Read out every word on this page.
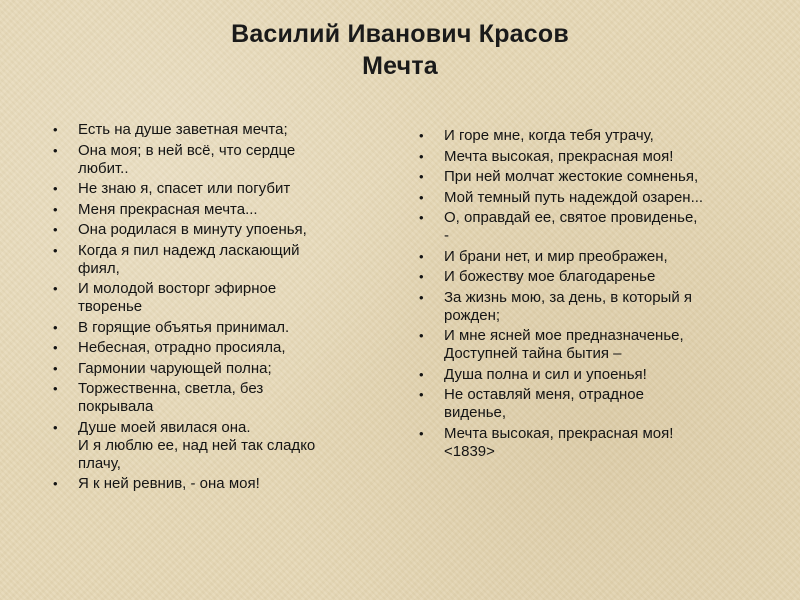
Василий Иванович Красов
Мечта
• Есть на душе заветная мечта;
• Она моя; в ней всё, что сердце
любит..
• Не знаю я, спасет или погубит
• Меня прекрасная мечта...
• Она родилася в минуту упоенья,
• Когда я пил надежд ласкающий
фиял,
• И молодой восторг эфирное
творенье
• В горящие объятья принимал.
• Небесная, отрадно просияла,
• Гармонии чарующей полна;
• Торжественна, светла, без
покрывала
• Душе моей явилася она.
И я люблю ее, над ней так сладко
плачу,
• Я к ней ревнив, - она моя!
• И горе мне, когда тебя утрачу,
• Мечта высокая, прекрасная моя!
• При ней молчат жестокие сомненья,
• Мой темный путь надеждой озарен...
• О, оправдай ее, святое провиденье,
-
• И брани нет, и мир преображен,
• И божеству мое благодаренье
• За жизнь мою, за день, в который я
рожден;
• И мне ясней мое предназначенье,
Доступней тайна бытия –
• Душа полна и сил и упоенья!
• Не оставляй меня, отрадное
виденье,
• Мечта высокая, прекрасная моя!
<1839>
